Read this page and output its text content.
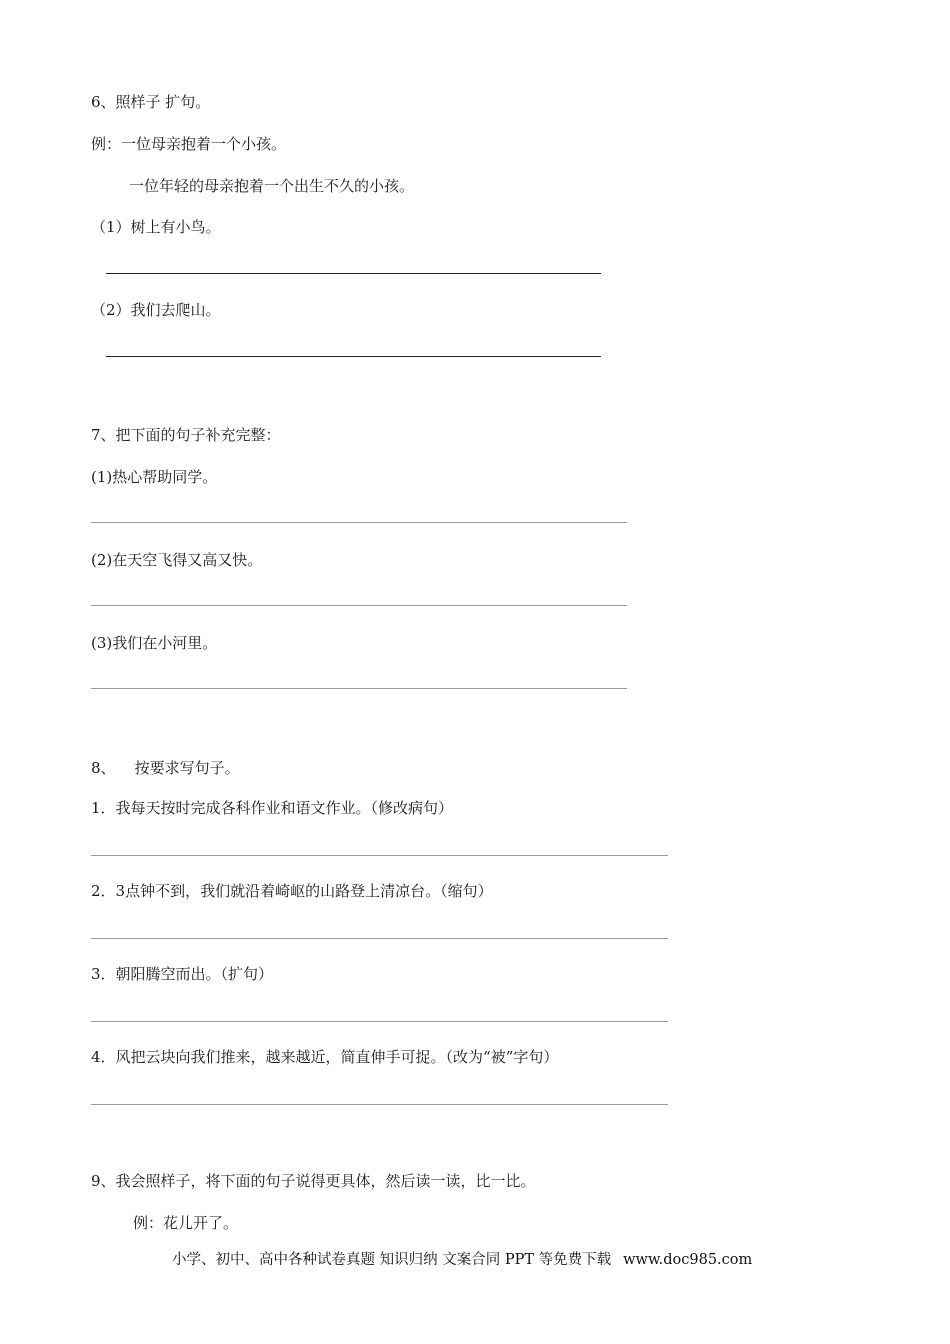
6、照样子 扩句。
例：一位母亲抱着一个小孩。
一位年轻的母亲抱着一个出生不久的小孩。
（1）树上有小鸟。
（2）我们去爬山。
7、把下面的句子补充完整：
(1)热心帮助同学。
(2)在天空飞得又高又快。
(3)我们在小河里。
8、    按要求写句子。
1．我每天按时完成各科作业和语文作业。（修改病句）
2．3点钟不到，我们就沿着崎岖的山路登上清凉台。（缩句）
3．朝阳腾空而出。（扩句）
4．风把云块向我们推来，越来越近，简直伸手可捉。（改为“被”字句）
9、我会照样子，将下面的句子说得更具体，然后读一读，比一比。
例：花儿开了。
小学、初中、高中各种试卷真题 知识归纳 文案合同 PPT 等免费下载 www.doc985.com
